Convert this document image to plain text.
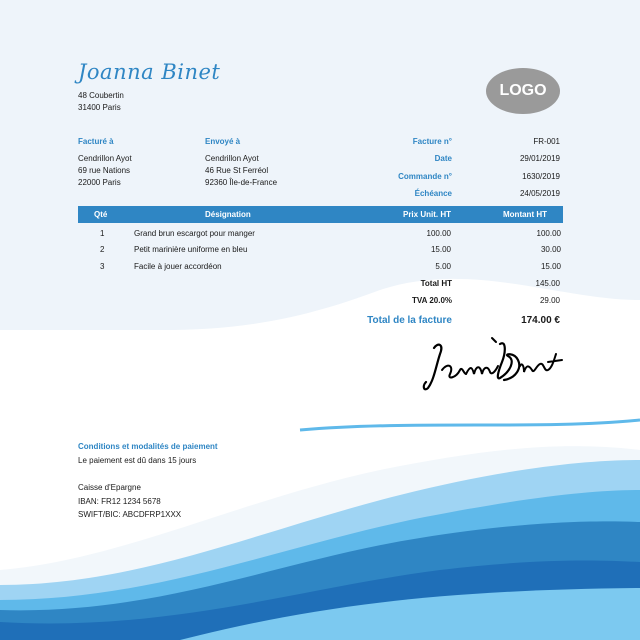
Joanna Binet
48 Coubertin
31400 Paris
LOGO
Facturé à
Cendrillon Ayot
69 rue Nations
22000 Paris
Envoyé à
Cendrillon Ayot
46 Rue St Ferréol
92360 Île-de-France
Facture n°	FR-001
Date	29/01/2019
Commande n°	1630/2019
Échéance	24/05/2019
Qté	Désignation	Prix Unit. HT	Montant HT
1	Grand brun escargot pour manger	100.00	100.00
2	Petit marinière uniforme en bleu	15.00	30.00
3	Facile à jouer accordéon	5.00	15.00
Total HT	145.00
TVA 20.0%	29.00
Total de la facture	174.00 €
Joanna Binet
Conditions et modalités de paiement
Le paiement est dû dans 15 jours
Caisse d'Epargne
IBAN: FR12 1234 5678
SWIFT/BIC: ABCDFRP1XXX
